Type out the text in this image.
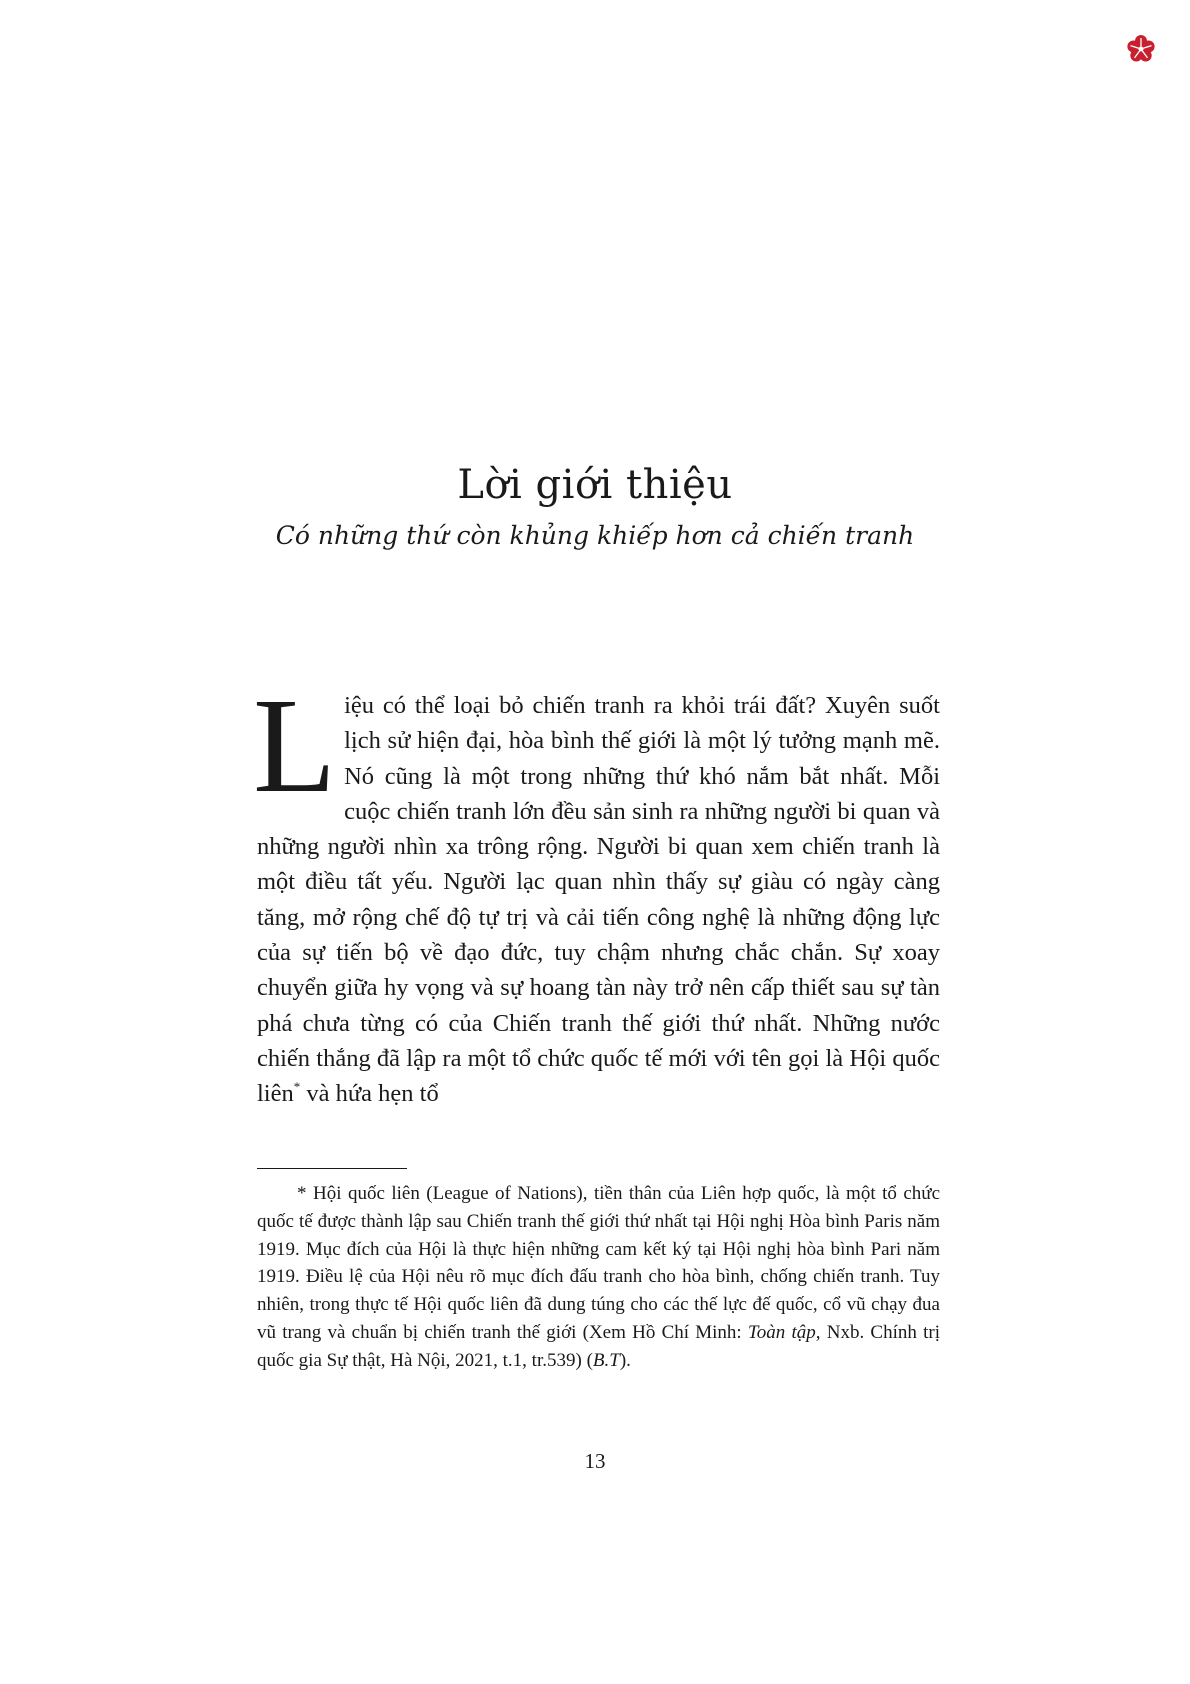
Lời giới thiệu
Có những thứ còn khủng khiếp hơn cả chiến tranh

Liệu có thể loại bỏ chiến tranh ra khỏi trái đất? Xuyên suốt lịch sử hiện đại, hòa bình thế giới là một lý tưởng mạnh mẽ. Nó cũng là một trong những thứ khó nắm bắt nhất. Mỗi cuộc chiến tranh lớn đều sản sinh ra những người bi quan và những người nhìn xa trông rộng. Người bi quan xem chiến tranh là một điều tất yếu. Người lạc quan nhìn thấy sự giàu có ngày càng tăng, mở rộng chế độ tự trị và cải tiến công nghệ là những động lực của sự tiến bộ về đạo đức, tuy chậm nhưng chắc chắn. Sự xoay chuyển giữa hy vọng và sự hoang tàn này trở nên cấp thiết sau sự tàn phá chưa từng có của Chiến tranh thế giới thứ nhất. Những nước chiến thắng đã lập ra một tổ chức quốc tế mới với tên gọi là Hội quốc liên* và hứa hẹn tổ

* Hội quốc liên (League of Nations), tiền thân của Liên hợp quốc, là một tổ chức quốc tế được thành lập sau Chiến tranh thế giới thứ nhất tại Hội nghị Hòa bình Paris năm 1919. Mục đích của Hội là thực hiện những cam kết ký tại Hội nghị hòa bình Pari năm 1919. Điều lệ của Hội nêu rõ mục đích đấu tranh cho hòa bình, chống chiến tranh. Tuy nhiên, trong thực tế Hội quốc liên đã dung túng cho các thế lực đế quốc, cổ vũ chạy đua vũ trang và chuẩn bị chiến tranh thế giới (Xem Hồ Chí Minh: Toàn tập, Nxb. Chính trị quốc gia Sự thật, Hà Nội, 2021, t.1, tr.539) (B.T).

13
